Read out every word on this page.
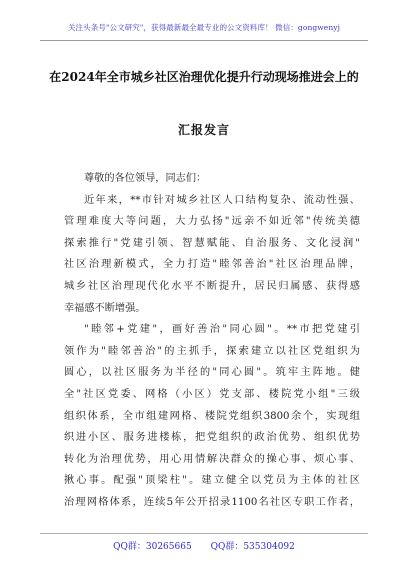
关注头条号"公文研究"，获得最新最全最专业的公文资料库！ 微信：gongwenyj
在2024年全市城乡社区治理优化提升行动现场推进会上的
汇报发言
尊敬的各位领导，同志们：
近年来，**市针对城乡社区人口结构复杂、流动性强、
管理难度大等问题，大力弘扬"远亲不如近邻"传统美德
探索推行"党建引领、智慧赋能、自治服务、文化浸润"
社区治理新模式，全力打造"睦邻善治"社区治理品牌，
城乡社区治理现代化水平不断提升，居民归属感、获得感
幸福感不断增强。
"睦邻+党建"，画好善治"同心圆"。**市把党建引
领作为"睦邻善治"的主抓手，探索建立以社区党组织为
圆心，以社区服务为半径的"同心圆"。筑牢主阵地。健
全"社区党委、网格（小区）党支部、楼院党小组"三级
组织体系，全市组建网格、楼院党组织3800余个，实现组
织进小区、服务进楼栋，把党组织的政治优势、组织优势
转化为治理优势，用心用情解决群众的操心事、烦心事、
揪心事。配强"顶梁柱"。建立健全以党员为主体的社区
治理网格体系，连续5年公开招录1100名社区专职工作者，
QQ群：30265665 QQ群：535304092
